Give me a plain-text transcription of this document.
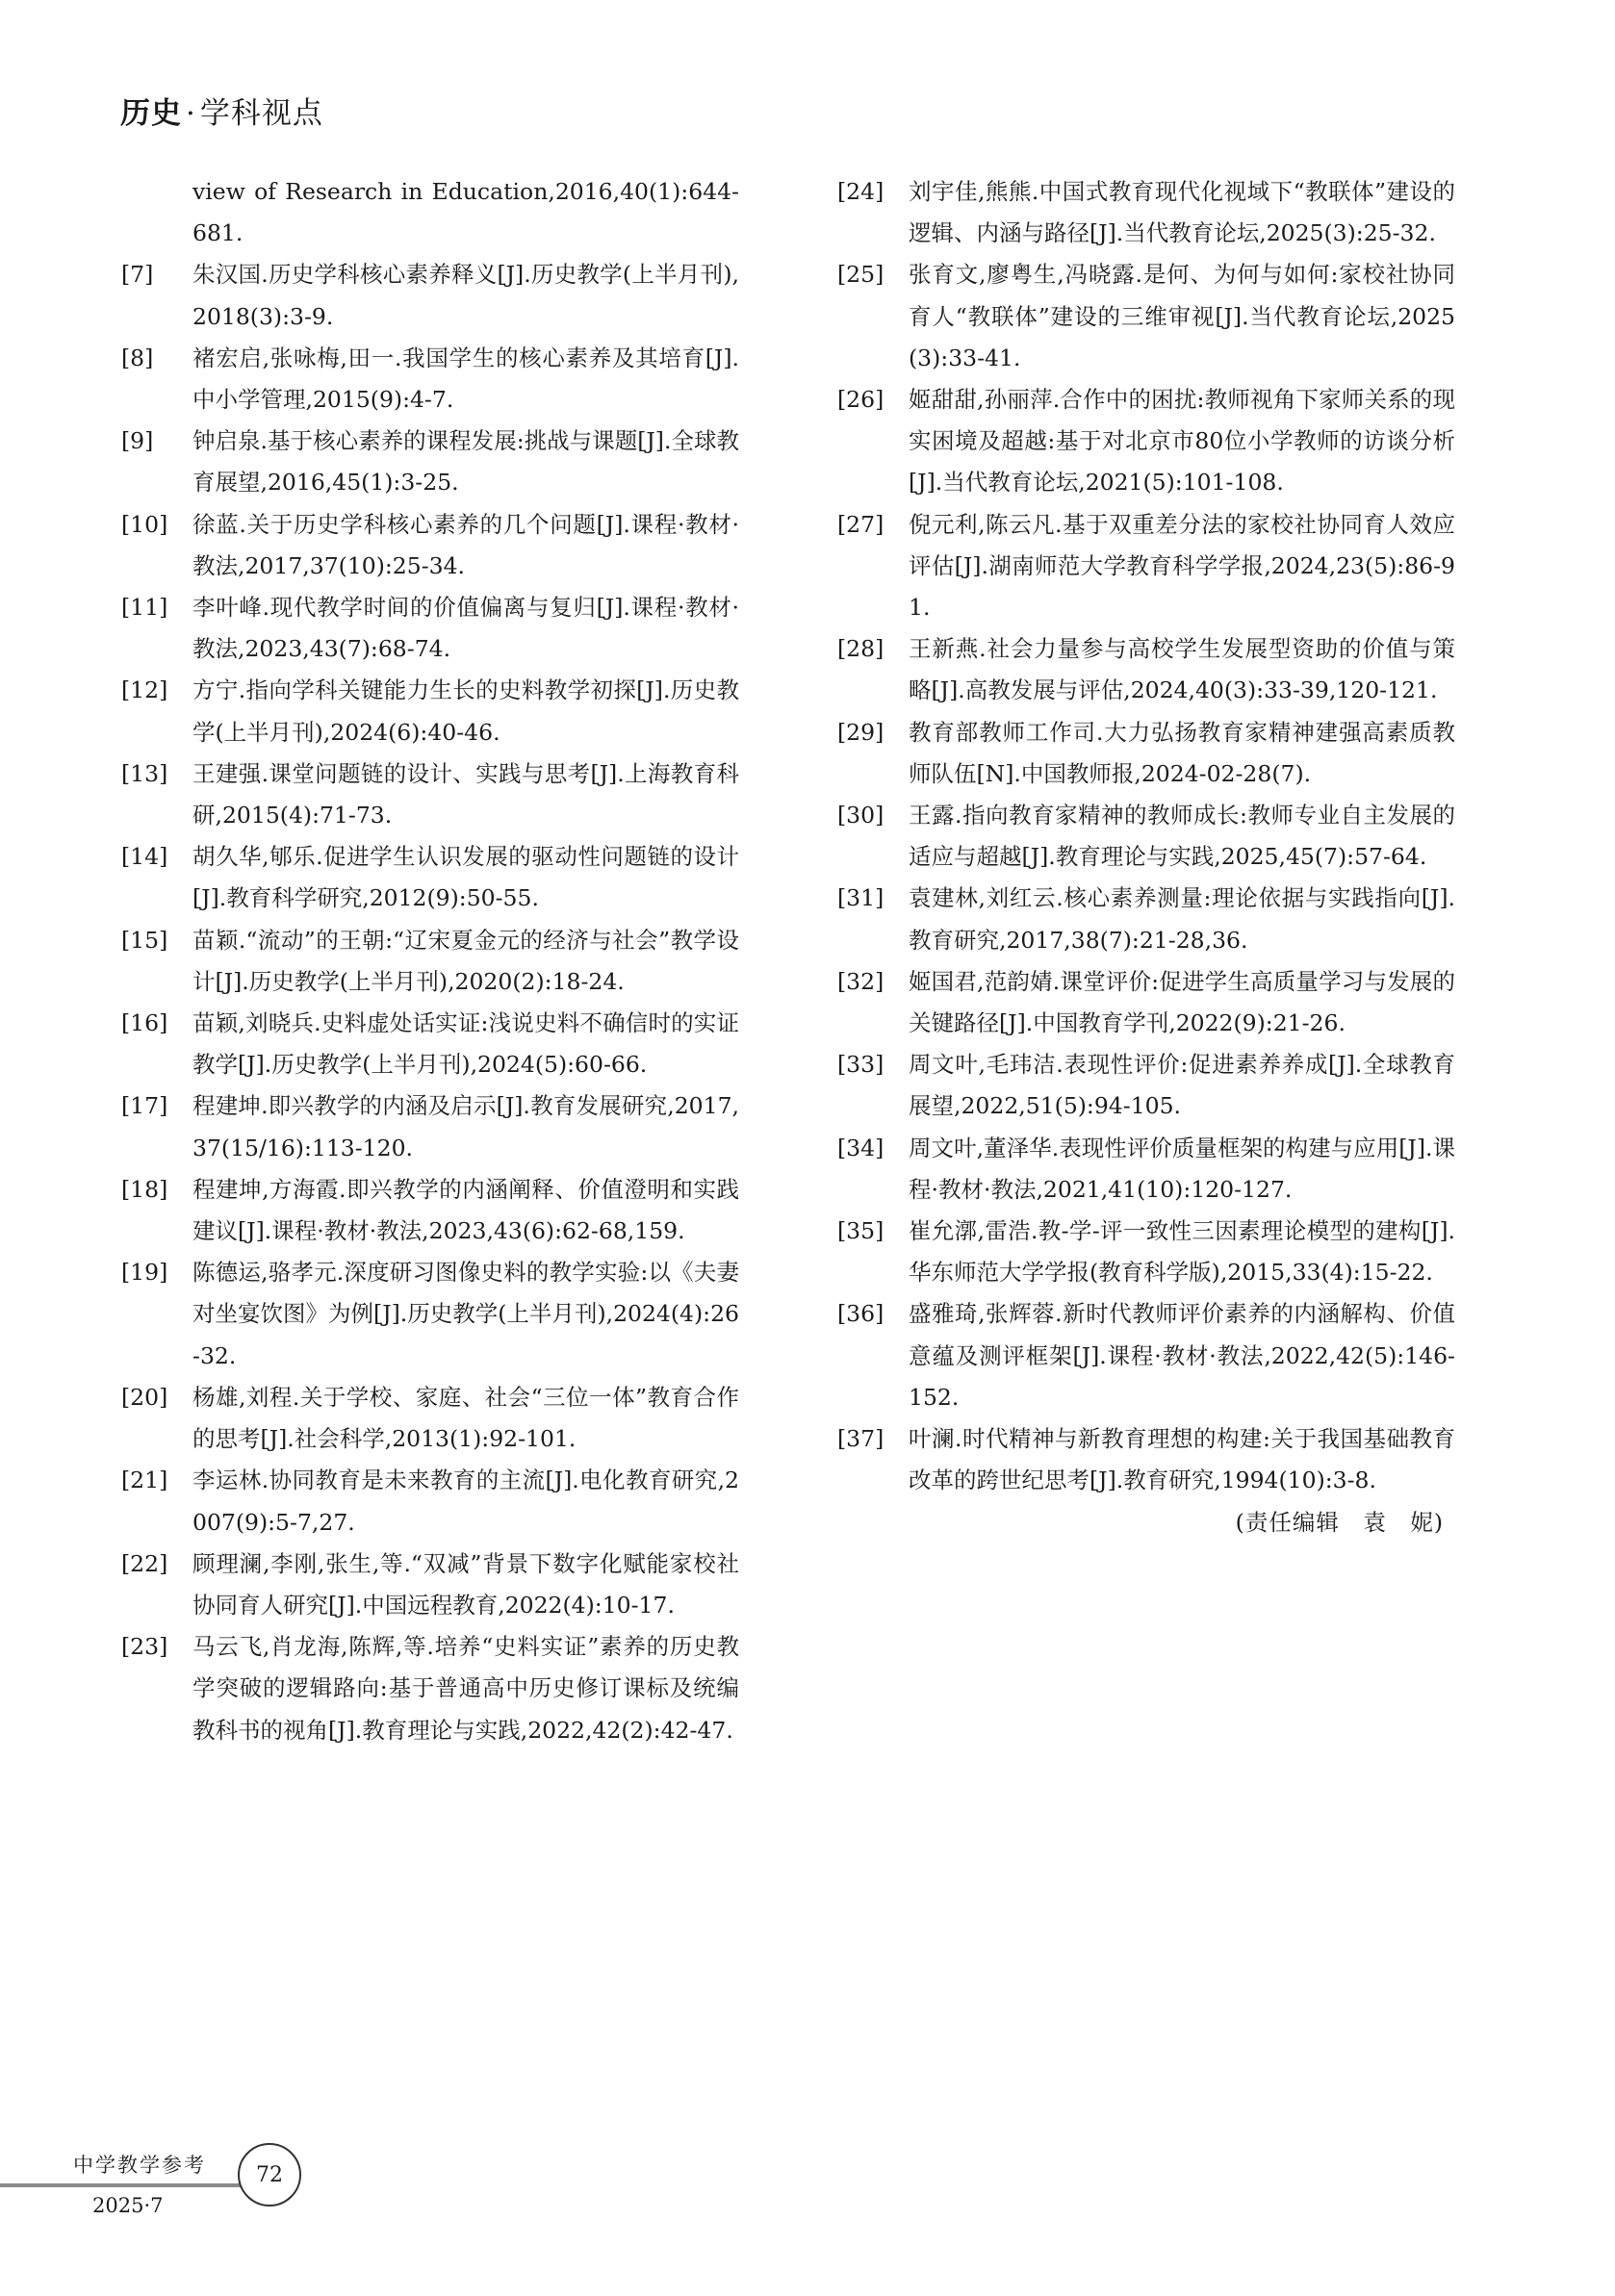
历史 · 学科视点
view of Research in Education,2016,40(1):644-681.
[7]	朱汉国.历史学科核心素养释义[J].历史教学(上半月刊),2018(3):3-9.
[8]	褚宏启,张咏梅,田一.我国学生的核心素养及其培育[J].中小学管理,2015(9):4-7.
[9]	钟启泉.基于核心素养的课程发展:挑战与课题[J].全球教育展望,2016,45(1):3-25.
[10]	徐蓝.关于历史学科核心素养的几个问题[J].课程·教材·教法,2017,37(10):25-34.
[11]	李叶峰.现代教学时间的价值偏离与复归[J].课程·教材·教法,2023,43(7):68-74.
[12]	方宁.指向学科关键能力生长的史料教学初探[J].历史教学(上半月刊),2024(6):40-46.
[13]	王建强.课堂问题链的设计、实践与思考[J].上海教育科研,2015(4):71-73.
[14]	胡久华,郇乐.促进学生认识发展的驱动性问题链的设计[J].教育科学研究,2012(9):50-55.
[15]	苗颖.“流动”的王朝:“辽宋夏金元的经济与社会”教学设计[J].历史教学(上半月刊),2020(2):18-24.
[16]	苗颖,刘晓兵.史料虚处话实证:浅说史料不确信时的实证教学[J].历史教学(上半月刊),2024(5):60-66.
[17]	程建坤.即兴教学的内涵及启示[J].教育发展研究,2017,37(15/16):113-120.
[18]	程建坤,方海霞.即兴教学的内涵阐释、价值澄明和实践建议[J].课程·教材·教法,2023,43(6):62-68,159.
[19]	陈德运,骆孝元.深度研习图像史料的教学实验:以《夫妻对坐宴饮图》为例[J].历史教学(上半月刊),2024(4):26-32.
[20]	杨雄,刘程.关于学校、家庭、社会“三位一体”教育合作的思考[J].社会科学,2013(1):92-101.
[21]	李运林.协同教育是未来教育的主流[J].电化教育研究,2007(9):5-7,27.
[22]	顾理澜,李刚,张生,等.“双减”背景下数字化赋能家校社协同育人研究[J].中国远程教育,2022(4):10-17.
[23]	马云飞,肖龙海,陈辉,等.培养“史料实证”素养的历史教学突破的逻辑路向:基于普通高中历史修订课标及统编教科书的视角[J].教育理论与实践,2022,42(2):42-47.
[24]	刘宇佳,熊熊.中国式教育现代化视域下“教联体”建设的逻辑、内涵与路径[J].当代教育论坛,2025(3):25-32.
[25]	张育文,廖粤生,冯晓露.是何、为何与如何:家校社协同育人“教联体”建设的三维审视[J].当代教育论坛,2025(3):33-41.
[26]	姬甜甜,孙丽萍.合作中的困扰:教师视角下家师关系的现实困境及超越:基于对北京市80位小学教师的访谈分析[J].当代教育论坛,2021(5):101-108.
[27]	倪元利,陈云凡.基于双重差分法的家校社协同育人效应评估[J].湖南师范大学教育科学学报,2024,23(5):86-91.
[28]	王新燕.社会力量参与高校学生发展型资助的价值与策略[J].高教发展与评估,2024,40(3):33-39,120-121.
[29]	教育部教师工作司.大力弘扬教育家精神建强高素质教师队伍[N].中国教师报,2024-02-28(7).
[30]	王露.指向教育家精神的教师成长:教师专业自主发展的适应与超越[J].教育理论与实践,2025,45(7):57-64.
[31]	袁建林,刘红云.核心素养测量:理论依据与实践指向[J].教育研究,2017,38(7):21-28,36.
[32]	姬国君,范韵婧.课堂评价:促进学生高质量学习与发展的关键路径[J].中国教育学刊,2022(9):21-26.
[33]	周文叶,毛玮洁.表现性评价:促进素养养成[J].全球教育展望,2022,51(5):94-105.
[34]	周文叶,董泽华.表现性评价质量框架的构建与应用[J].课程·教材·教法,2021,41(10):120-127.
[35]	崔允漷,雷浩.教-学-评一致性三因素理论模型的建构[J].华东师范大学学报(教育科学版),2015,33(4):15-22.
[36]	盛雅琦,张辉蓉.新时代教师评价素养的内涵解构、价值意蕴及测评框架[J].课程·教材·教法,2022,42(5):146-152.
[37]	叶澜.时代精神与新教育理想的构建:关于我国基础教育改革的跨世纪思考[J].教育研究,1994(10):3-8.
(责任编辑　袁　妮)
中学教学参考
2025·7
72
